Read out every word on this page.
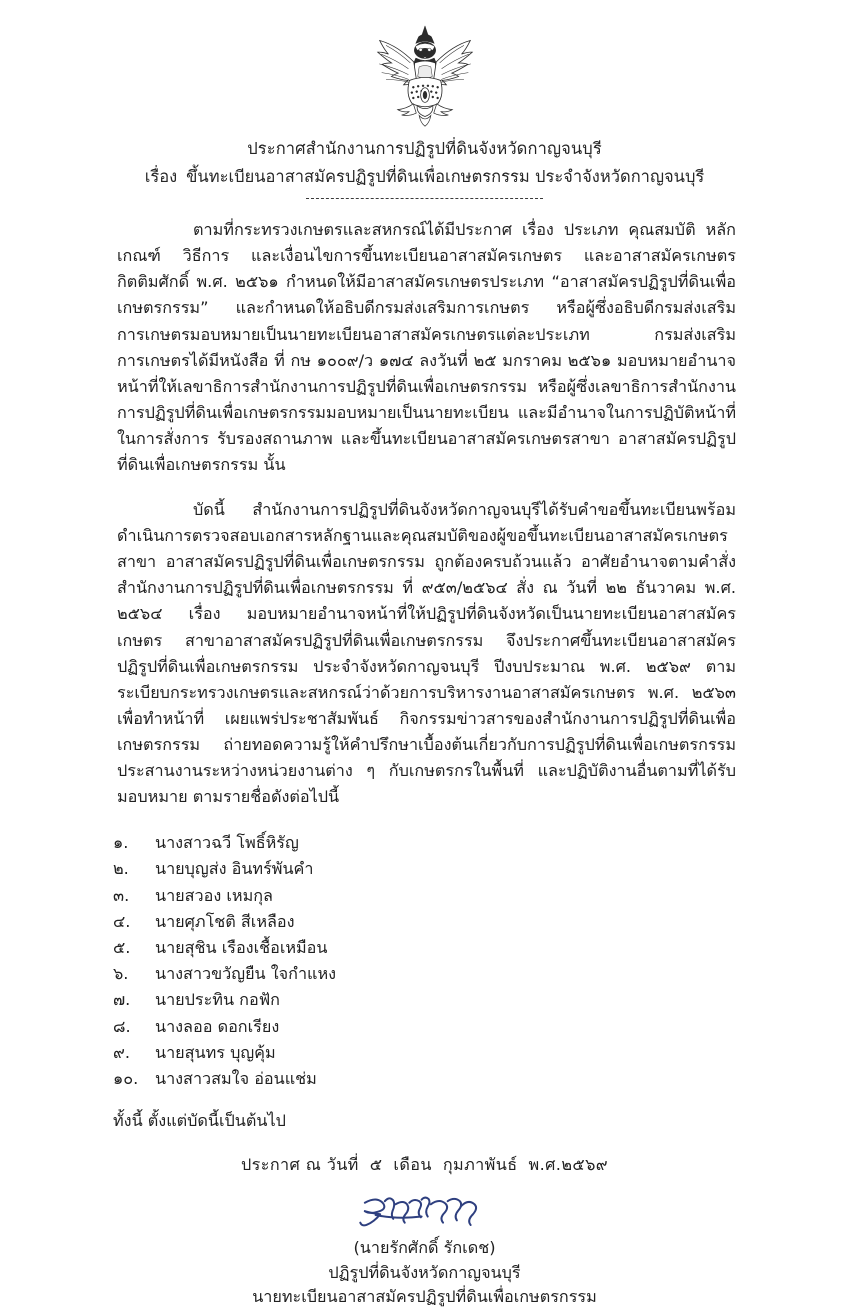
ประกาศสำนักงานการปฏิรูปที่ดินจังหวัดกาญจนบุรี
เรื่อง ขึ้นทะเบียนอาสาสมัครปฏิรูปที่ดินเพื่อเกษตรกรรม ประจำจังหวัดกาญจนบุรี

ตามที่กระทรวงเกษตรและสหกรณ์ได้มีประกาศ เรื่อง ประเภท คุณสมบัติ หลักเกณฑ์ วิธีการ และเงื่อนไขการขึ้นทะเบียนอาสาสมัครเกษตร และอาสาสมัครเกษตรกิตติมศักดิ์ พ.ศ. ๒๕๖๑ กำหนดให้มีอาสาสมัครเกษตรประเภท “อาสาสมัครปฏิรูปที่ดินเพื่อเกษตรกรรม” และกำหนดให้อธิบดีกรมส่งเสริมการเกษตร หรือผู้ซึ่งอธิบดีกรมส่งเสริมการเกษตรมอบหมายเป็นนายทะเบียนอาสาสมัครเกษตรแต่ละประเภท กรมส่งเสริมการเกษตรได้มีหนังสือ ที่ กษ ๑๐๐๙/ว ๑๗๔ ลงวันที่ ๒๕ มกราคม ๒๕๖๑ มอบหมายอำนาจหน้าที่ให้เลขาธิการสำนักงานการปฏิรูปที่ดินเพื่อเกษตรกรรม หรือผู้ซึ่งเลขาธิการสำนักงานการปฏิรูปที่ดินเพื่อเกษตรกรรมมอบหมายเป็นนายทะเบียน และมีอำนาจในการปฏิบัติหน้าที่ในการสั่งการ รับรองสถานภาพ และขึ้นทะเบียนอาสาสมัครเกษตรสาขา อาสาสมัครปฏิรูปที่ดินเพื่อเกษตรกรรม นั้น

บัดนี้ สำนักงานการปฏิรูปที่ดินจังหวัดกาญจนบุรีได้รับคำขอขึ้นทะเบียนพร้อมดำเนินการตรวจสอบเอกสารหลักฐานและคุณสมบัติของผู้ขอขึ้นทะเบียนอาสาสมัครเกษตรสาขา อาสาสมัครปฏิรูปที่ดินเพื่อเกษตรกรรม ถูกต้องครบถ้วนแล้ว อาศัยอำนาจตามคำสั่งสำนักงานการปฏิรูปที่ดินเพื่อเกษตรกรรม ที่ ๙๕๓/๒๕๖๔ สั่ง ณ วันที่ ๒๒ ธันวาคม พ.ศ. ๒๕๖๔ เรื่อง มอบหมายอำนาจหน้าที่ให้ปฏิรูปที่ดินจังหวัดเป็นนายทะเบียนอาสาสมัครเกษตร สาขาอาสาสมัครปฏิรูปที่ดินเพื่อเกษตรกรรม จึงประกาศขึ้นทะเบียนอาสาสมัครปฏิรูปที่ดินเพื่อเกษตรกรรม ประจำจังหวัดกาญจนบุรี ปีงบประมาณ พ.ศ. ๒๕๖๙ ตามระเบียบกระทรวงเกษตรและสหกรณ์ว่าด้วยการบริหารงานอาสาสมัครเกษตร พ.ศ. ๒๕๖๓ เพื่อทำหน้าที่ เผยแพร่ประชาสัมพันธ์ กิจกรรมข่าวสารของสำนักงานการปฏิรูปที่ดินเพื่อเกษตรกรรม ถ่ายทอดความรู้ให้คำปรึกษาเบื้องต้นเกี่ยวกับการปฏิรูปที่ดินเพื่อเกษตรกรรม ประสานงานระหว่างหน่วยงานต่าง ๆ กับเกษตรกรในพื้นที่ และปฏิบัติงานอื่นตามที่ได้รับมอบหมาย ตามรายชื่อดังต่อไปนี้

๑.	นางสาวฉวี โพธิ์หิรัญ
๒.	นายบุญส่ง อินทร์พันคำ
๓.	นายสวอง เหมกุล
๔.	นายศุภโชติ สีเหลือง
๕.	นายสุชิน เรืองเชื้อเหมือน
๖.	นางสาวขวัญยืน ใจกำแหง
๗.	นายประทิน กอฟัก
๘.	นางลออ ดอกเรียง
๙.	นายสุนทร บุญคุ้ม
๑๐.	นางสาวสมใจ อ่อนแช่ม
ทั้งนี้ ตั้งแต่บัดนี้เป็นต้นไป
ประกาศ ณ วันที่ ๕ เดือน กุมภาพันธ์ พ.ศ.๒๕๖๙
(นายรักศักดิ์ รักเดช)
ปฏิรูปที่ดินจังหวัดกาญจนบุรี
นายทะเบียนอาสาสมัครปฏิรูปที่ดินเพื่อเกษตรกรรม
